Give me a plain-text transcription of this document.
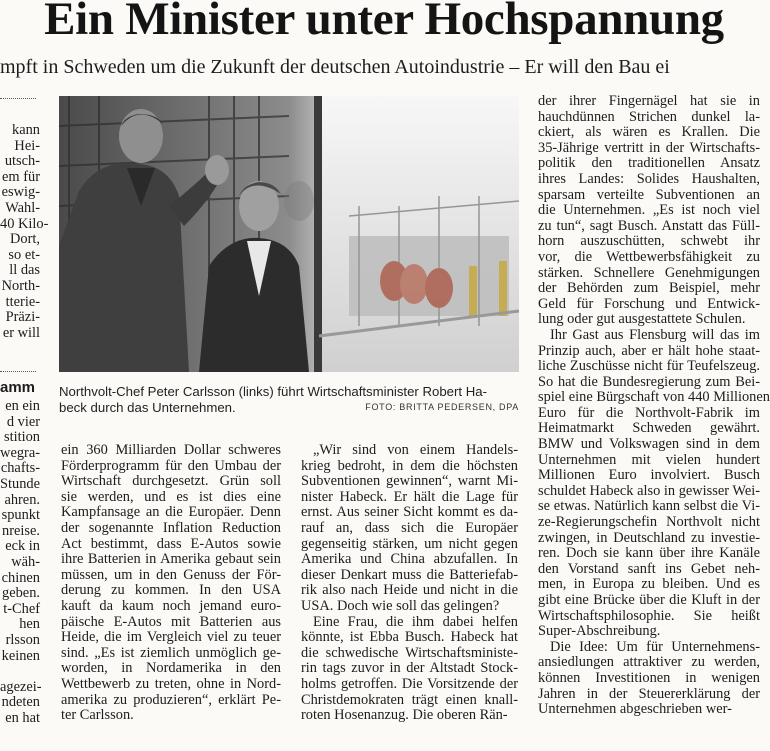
Ein Minister unter Hochspannung
mpft in Schweden um die Zukunft der deutschen Autoindustrie – Er will den Bau ei
kann
Hei-
utsch-
em für
eswig-
Wahl-
40 Kilo-
Dort,
so et-
ll das
North-
tterie-
Präzi-
er will
amm
en ein
d vier
stition
wegra-
chafts-
Stunde
ahren.
spunkt
nreise.
eck in
wäh-
chinen
geben.
t-Chef
hen
rlsson
keinen
agezei-
ndeten
en hat
Northvolt-Chef Peter Carlsson (links) führt Wirtschaftsminister Robert Ha-
beck durch das Unternehmen.	FOTO: BRITTA PEDERSEN, DPA
ein 360 Milliarden Dollar schweres
Förderprogramm für den Umbau der
Wirtschaft durchgesetzt. Grün soll
sie werden, und es ist dies eine
Kampfansage an die Europäer. Denn
der sogenannte Inflation Reduction
Act bestimmt, dass E-Autos sowie
ihre Batterien in Amerika gebaut sein
müssen, um in den Genuss der För-
derung zu kommen. In den USA
kauft da kaum noch jemand euro-
päische E-Autos mit Batterien aus
Heide, die im Vergleich viel zu teuer
sind. „Es ist ziemlich unmöglich ge-
worden, in Nordamerika in den
Wettbewerb zu treten, ohne in Nord-
amerika zu produzieren“, erklärt Pe-
ter Carlsson.
„Wir sind von einem Handels-
krieg bedroht, in dem die höchsten
Subventionen gewinnen“, warnt Mi-
nister Habeck. Er hält die Lage für
ernst. Aus seiner Sicht kommt es da-
rauf an, dass sich die Europäer
gegenseitig stärken, um nicht gegen
Amerika und China abzufallen. In
dieser Denkart muss die Batteriefab-
rik also nach Heide und nicht in die
USA. Doch wie soll das gelingen?
Eine Frau, die ihm dabei helfen
könnte, ist Ebba Busch. Habeck hat
die schwedische Wirtschaftsministe-
rin tags zuvor in der Altstadt Stock-
holms getroffen. Die Vorsitzende der
Christdemokraten trägt einen knall-
roten Hosenanzug. Die oberen Rän-
der ihrer Fingernägel hat sie in
hauchdünnen Strichen dunkel la-
ckiert, als wären es Krallen. Die
35-Jährige vertritt in der Wirtschafts-
politik den traditionellen Ansatz
ihres Landes: Solides Haushalten,
sparsam verteilte Subventionen an
die Unternehmen. „Es ist noch viel
zu tun“, sagt Busch. Anstatt das Füll-
horn auszuschütten, schwebt ihr
vor, die Wettbewerbsfähigkeit zu
stärken. Schnellere Genehmigungen
der Behörden zum Beispiel, mehr
Geld für Forschung und Entwick-
lung oder gut ausgestattete Schulen.
Ihr Gast aus Flensburg will das im
Prinzip auch, aber er hält hohe staat-
liche Zuschüsse nicht für Teufelszeug.
So hat die Bundesregierung zum Bei-
spiel eine Bürgschaft von 440 Millionen
Euro für die Northvolt-Fabrik im
Heimatmarkt Schweden gewährt.
BMW und Volkswagen sind in dem
Unternehmen mit vielen hundert
Millionen Euro involviert. Busch
schuldet Habeck also in gewisser Wei-
se etwas. Natürlich kann selbst die Vi-
ze-Regierungschefin Northvolt nicht
zwingen, in Deutschland zu investie-
ren. Doch sie kann über ihre Kanäle
den Vorstand sanft ins Gebet neh-
men, in Europa zu bleiben. Und es
gibt eine Brücke über die Kluft in der
Wirtschaftsphilosophie. Sie heißt
Super-Abschreibung.
Die Idee: Um für Unternehmens-
ansiedlungen attraktiver zu werden,
können Investitionen in wenigen
Jahren in der Steuererklärung der
Unternehmen abgeschrieben wer-
